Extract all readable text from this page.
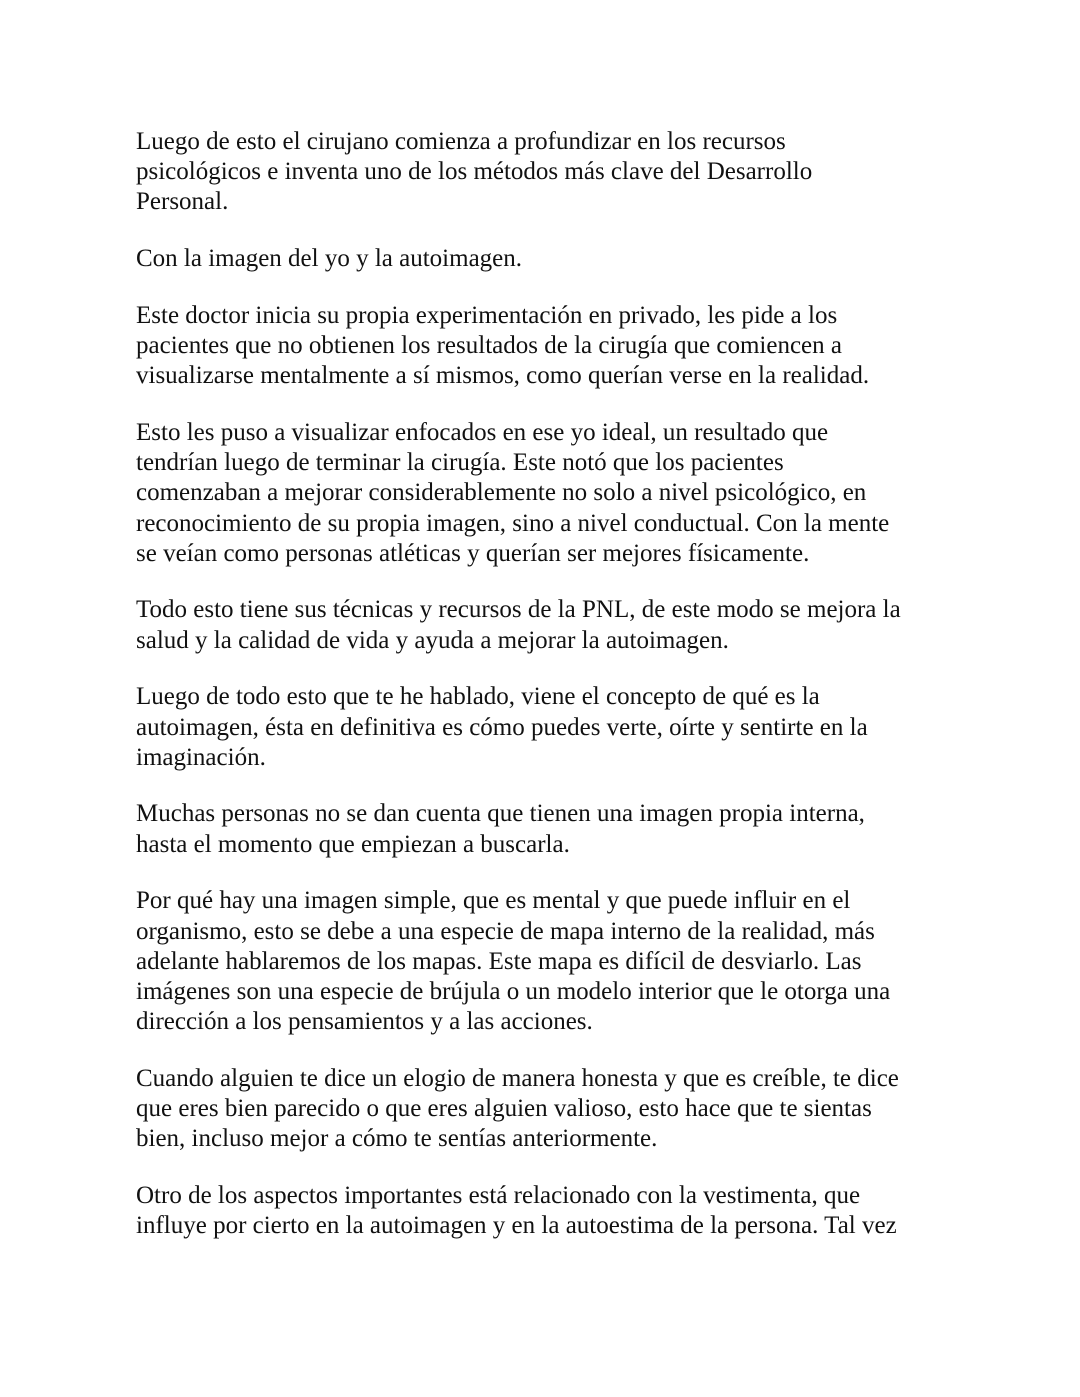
Luego de esto el cirujano comienza a profundizar en los recursos
psicológicos e inventa uno de los métodos más clave del Desarrollo
Personal.

Con la imagen del yo y la autoimagen.

Este doctor inicia su propia experimentación en privado, les pide a los
pacientes que no obtienen los resultados de la cirugía que comiencen a
visualizarse mentalmente a sí mismos, como querían verse en la realidad.

Esto les puso a visualizar enfocados en ese yo ideal, un resultado que
tendrían luego de terminar la cirugía. Este notó que los pacientes
comenzaban a mejorar considerablemente no solo a nivel psicológico, en
reconocimiento de su propia imagen, sino a nivel conductual. Con la mente
se veían como personas atléticas y querían ser mejores físicamente.

Todo esto tiene sus técnicas y recursos de la PNL, de este modo se mejora la
salud y la calidad de vida y ayuda a mejorar la autoimagen.

Luego de todo esto que te he hablado, viene el concepto de qué es la
autoimagen, ésta en definitiva es cómo puedes verte, oírte y sentirte en la
imaginación.

Muchas personas no se dan cuenta que tienen una imagen propia interna,
hasta el momento que empiezan a buscarla.

Por qué hay una imagen simple, que es mental y que puede influir en el
organismo, esto se debe a una especie de mapa interno de la realidad, más
adelante hablaremos de los mapas. Este mapa es difícil de desviarlo. Las
imágenes son una especie de brújula o un modelo interior que le otorga una
dirección a los pensamientos y a las acciones.

Cuando alguien te dice un elogio de manera honesta y que es creíble, te dice
que eres bien parecido o que eres alguien valioso, esto hace que te sientas
bien, incluso mejor a cómo te sentías anteriormente.

Otro de los aspectos importantes está relacionado con la vestimenta, que
influye por cierto en la autoimagen y en la autoestima de la persona. Tal vez
